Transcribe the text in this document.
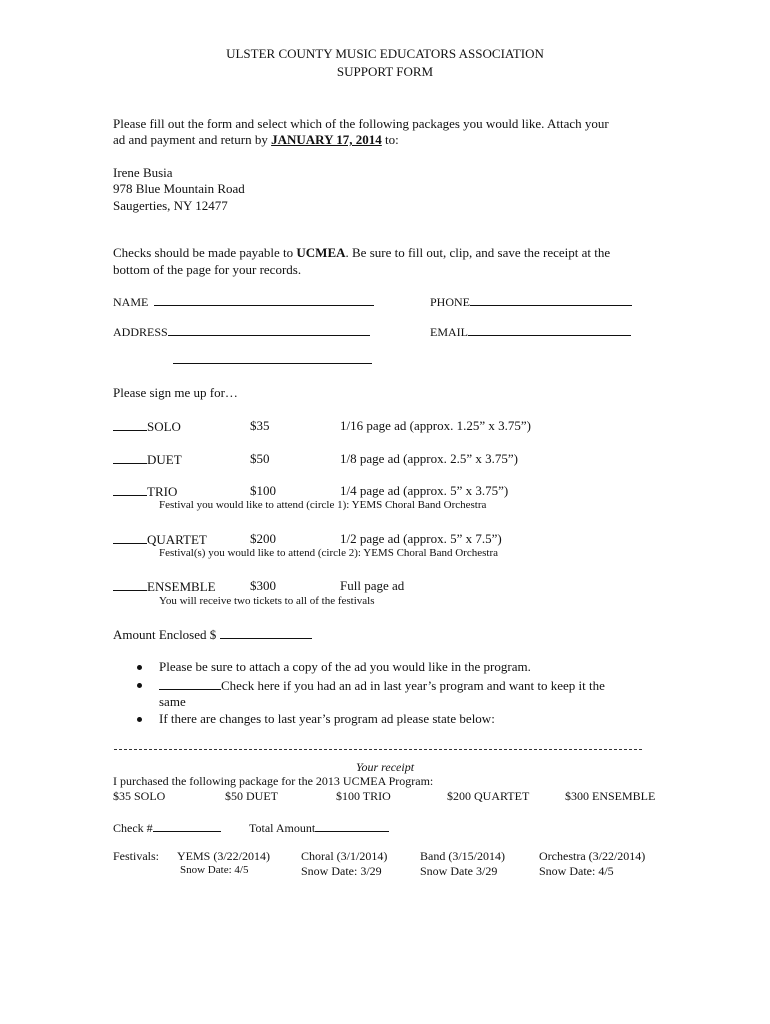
ULSTER COUNTY MUSIC EDUCATORS ASSOCIATION
SUPPORT FORM
Please fill out the form and select which of the following packages you would like. Attach your
ad and payment and return by JANUARY 17, 2014 to:
Irene Busia
978 Blue Mountain Road
Saugerties, NY 12477
Checks should be made payable to UCMEA. Be sure to fill out, clip, and save the receipt at the
bottom of the page for your records.
NAME	PHONE
ADDRESS	EMAIL
Please sign me up for…
SOLO	$35	1/16 page ad (approx. 1.25” x 3.75”)
DUET	$50	1/8 page ad (approx. 2.5” x 3.75”)
TRIO	$100	1/4 page ad (approx. 5” x 3.75”)
Festival you would like to attend (circle 1): YEMS Choral Band Orchestra
QUARTET	$200	1/2 page ad (approx. 5” x 7.5”)
Festival(s) you would like to attend (circle 2): YEMS Choral Band Orchestra
ENSEMBLE	$300	Full page ad
You will receive two tickets to all of the festivals
Amount Enclosed $
Please be sure to attach a copy of the ad you would like in the program.
Check here if you had an ad in last year’s program and want to keep it the
same
If there are changes to last year’s program ad please state below:
Your receipt
I purchased the following package for the 2013 UCMEA Program:
$35 SOLO	$50 DUET	$100 TRIO	$200 QUARTET	$300 ENSEMBLE
Check #	Total Amount
Festivals: YEMS (3/22/2014)
Snow Date: 4/5
Choral (3/1/2014)
Snow Date: 3/29
Band (3/15/2014)
Snow Date 3/29
Orchestra (3/22/2014)
Snow Date: 4/5
